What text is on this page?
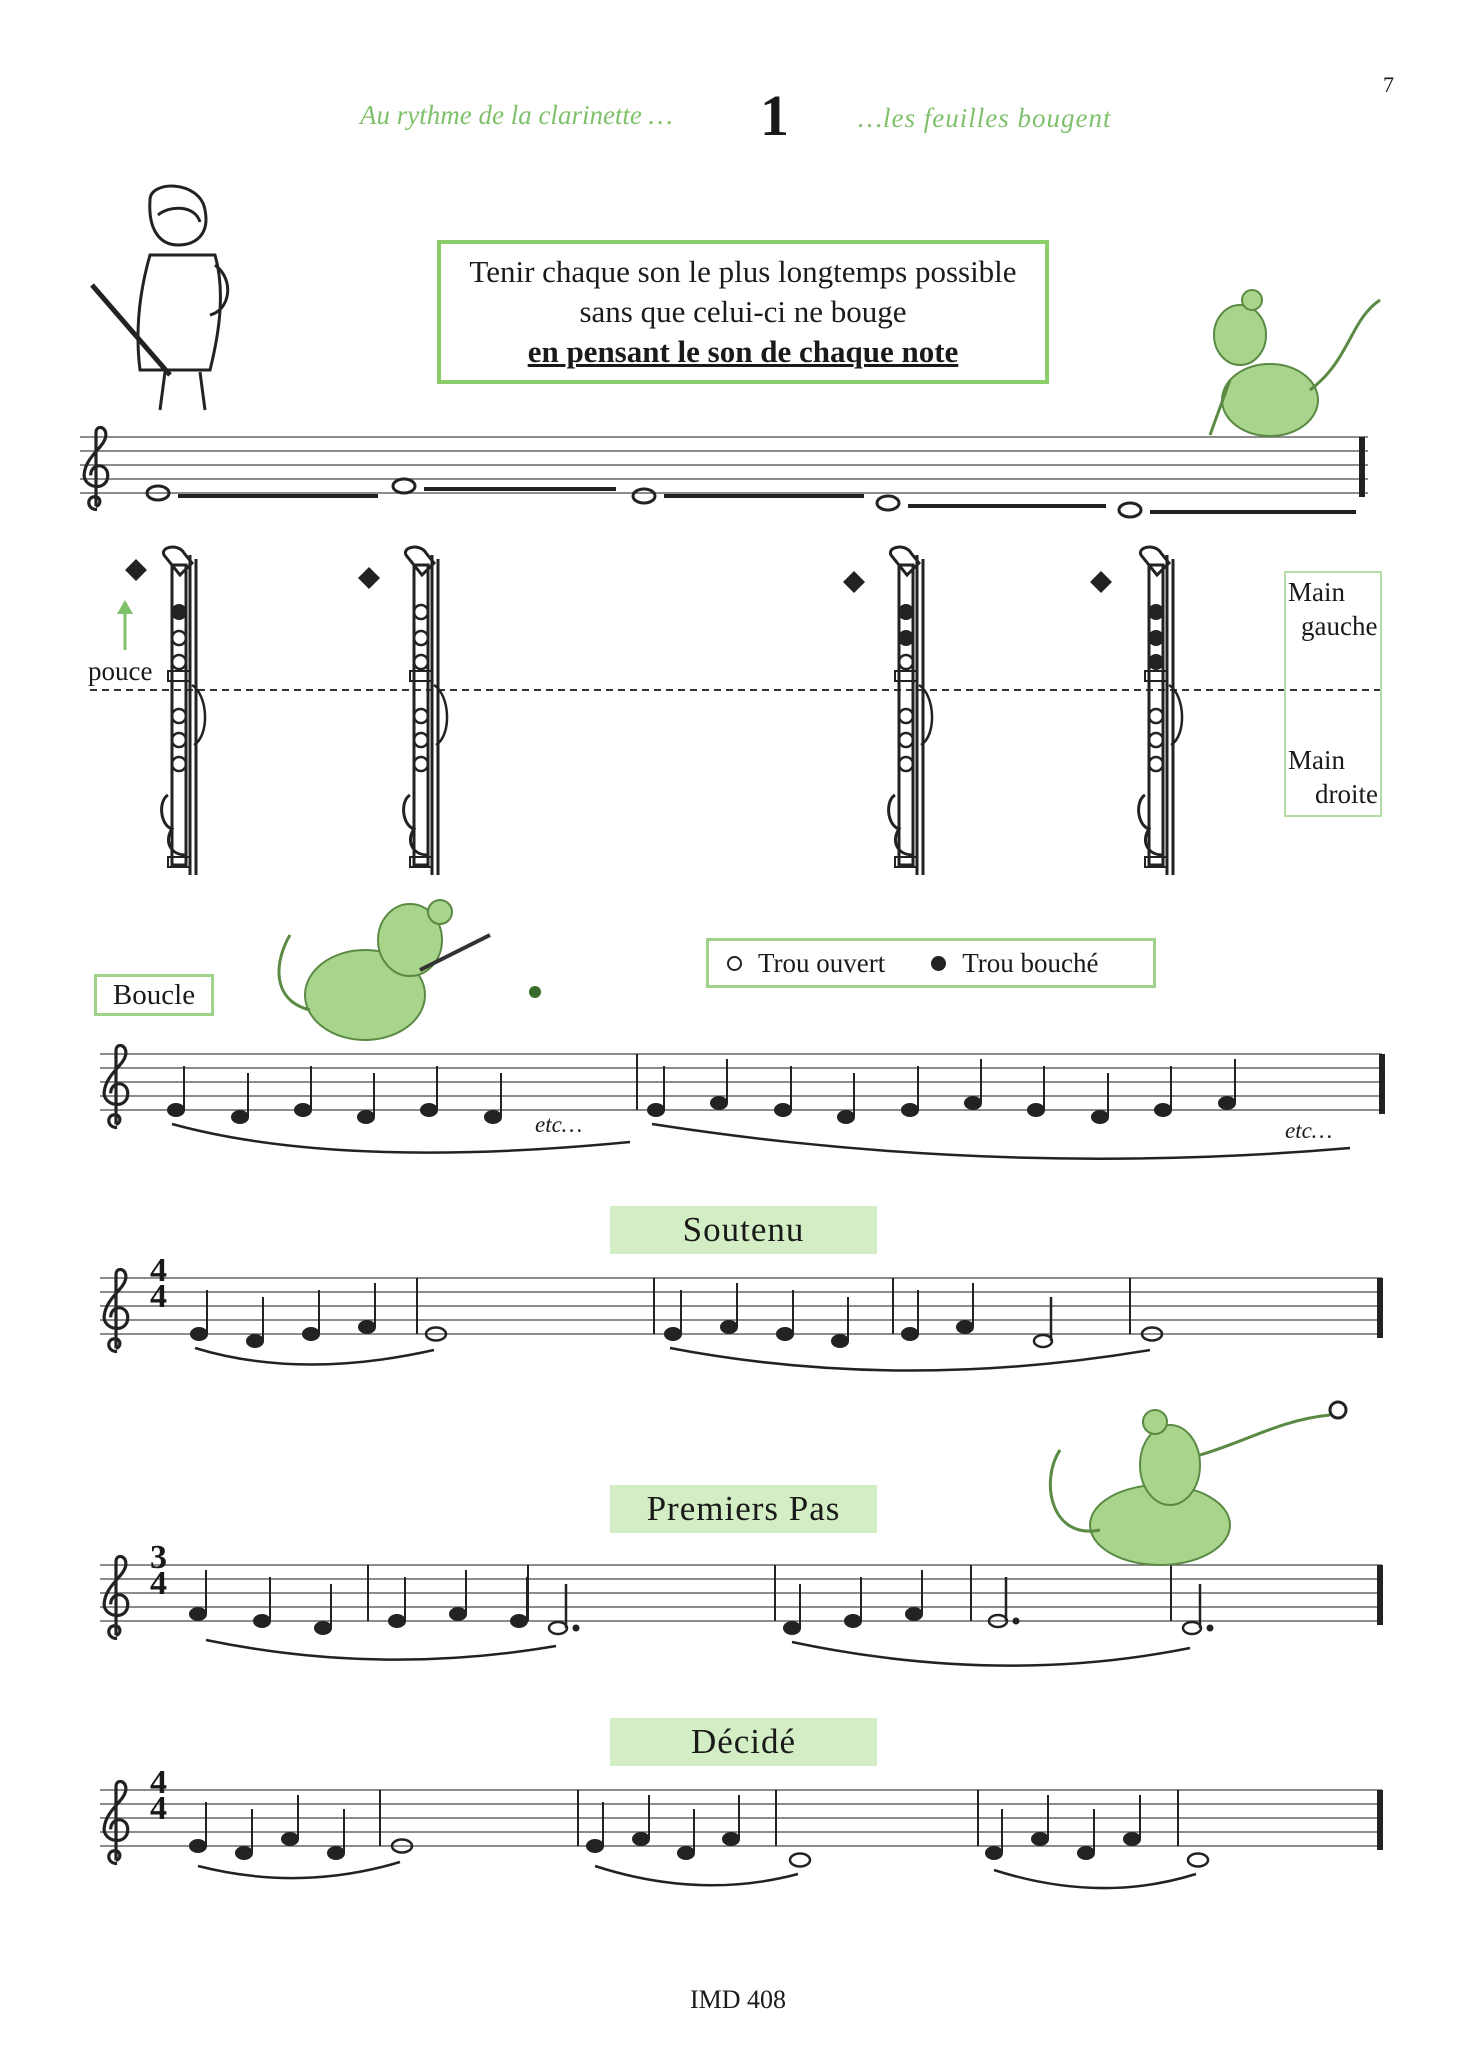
Au rythme de la clarinette … 1	…les feuilles bougent
7
Tenir chaque son le plus longtemps possible
sans que celui-ci ne bouge
en pensant le son de chaque note
4
4
3
4
4
4
pouce
Main
gauche
Main
droite
Trou ouvert	Trou bouché
Boucle
etc…	etc…
Soutenu
Premiers Pas
Décidé
IMD 408
